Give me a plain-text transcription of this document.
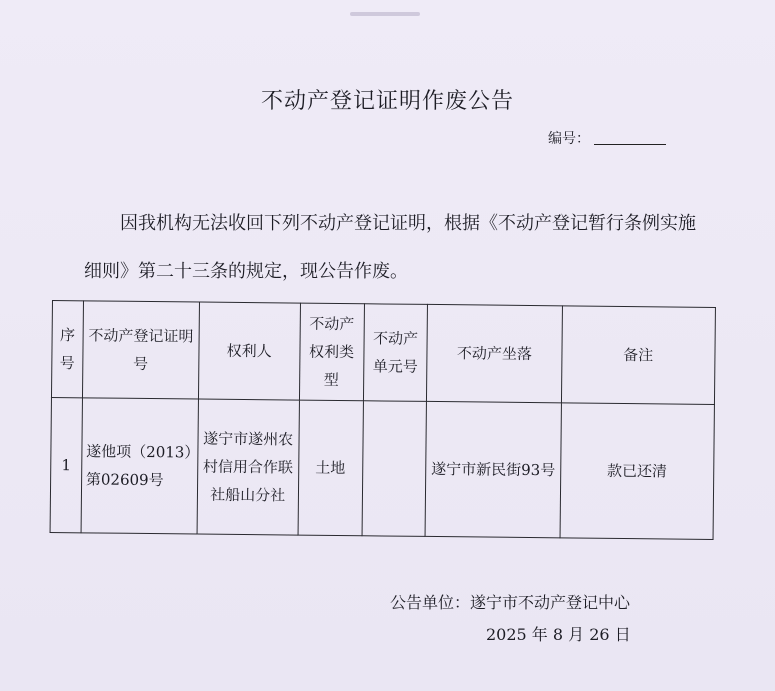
不动产登记证明作废公告
编号：
因我机构无法收回下列不动产登记证明，根据《不动产登记暂行条例实施细则》第二十三条的规定，现公告作废。
序号	不动产登记证明号	权利人	不动产权利类型	不动产单元号	不动产坐落	备注
1	遂他项（2013）第02609号	遂宁市遂州农村信用合作联社船山分社	土地		遂宁市新民街93号	款已还清
公告单位：遂宁市不动产登记中心
2025 年 8 月 26 日
